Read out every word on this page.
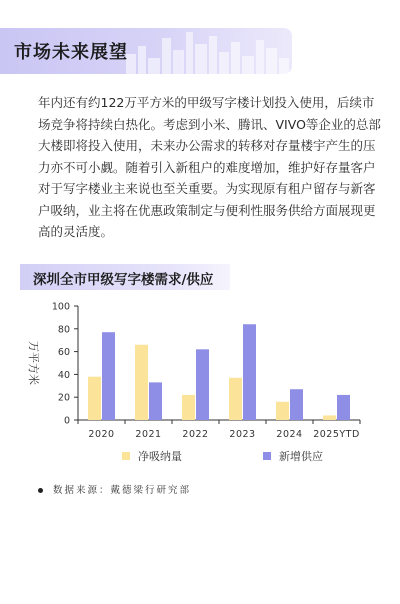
市场未来展望
年内还有约122万平方米的甲级写字楼计划投入使用，后续市
场竞争将持续白热化。考虑到小米、腾讯、VIVO等企业的总部
大楼即将投入使用，未来办公需求的转移对存量楼宇产生的压
力亦不可小觑。随着引入新租户的难度增加，维护好存量客户
对于写字楼业主来说也至关重要。为实现原有租户留存与新客
户吸纳，业主将在优惠政策制定与便利性服务供给方面展现更
高的灵活度。
深圳全市甲级写字楼需求/供应
0
20
40
60
80
100
万平方米
2020 2021 2022 2023 2024 2025YTD
净吸纳量	新增供应
数据来源：戴德梁行研究部
